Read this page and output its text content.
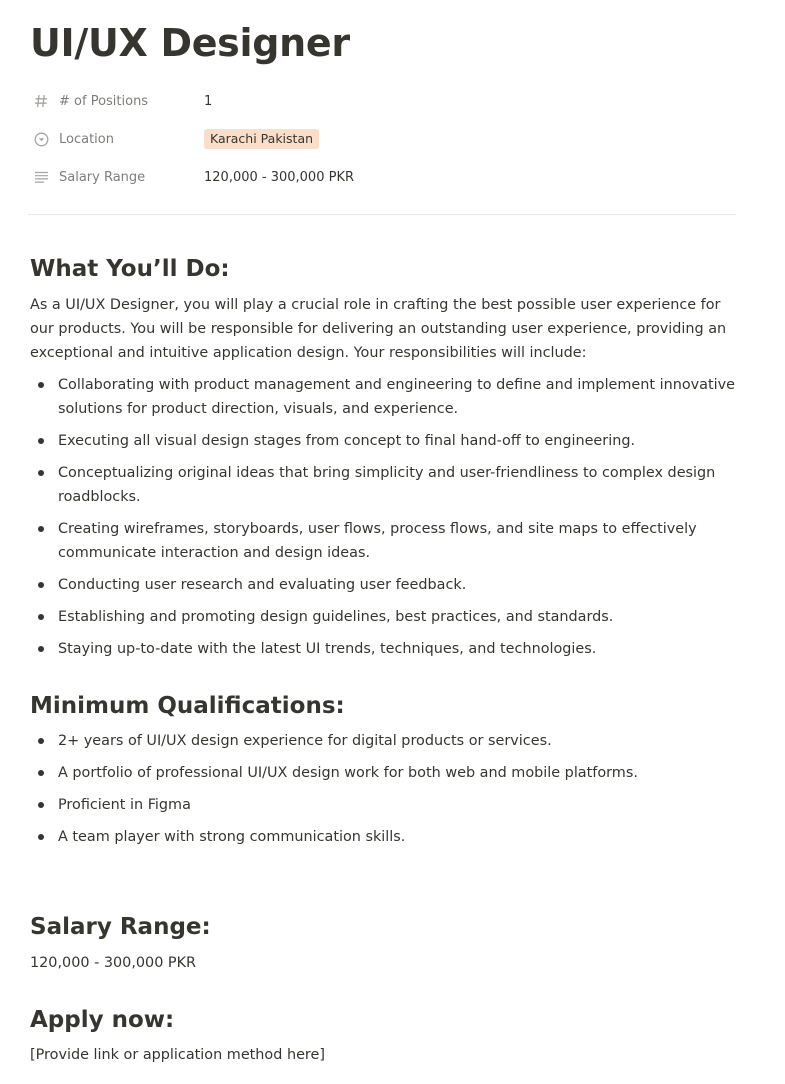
UI/UX Designer
# of Positions	1
Location	Karachi Pakistan
Salary Range	120,000 - 300,000 PKR
What You’ll Do:

As a UI/UX Designer, you will play a crucial role in crafting the best possible user experience for our products. You will be responsible for delivering an outstanding user experience, providing an exceptional and intuitive application design. Your responsibilities will include:

Collaborating with product management and engineering to define and implement innovative solutions for product direction, visuals, and experience.
Executing all visual design stages from concept to final hand-off to engineering.
Conceptualizing original ideas that bring simplicity and user-friendliness to complex design roadblocks.
Creating wireframes, storyboards, user flows, process flows, and site maps to effectively communicate interaction and design ideas.
Conducting user research and evaluating user feedback.
Establishing and promoting design guidelines, best practices, and standards.
Staying up-to-date with the latest UI trends, techniques, and technologies.
Minimum Qualifications:
2+ years of UI/UX design experience for digital products or services.
A portfolio of professional UI/UX design work for both web and mobile platforms.
Proficient in Figma
A team player with strong communication skills.
Salary Range:

120,000 - 300,000 PKR

Apply now:

[Provide link or application method here]
